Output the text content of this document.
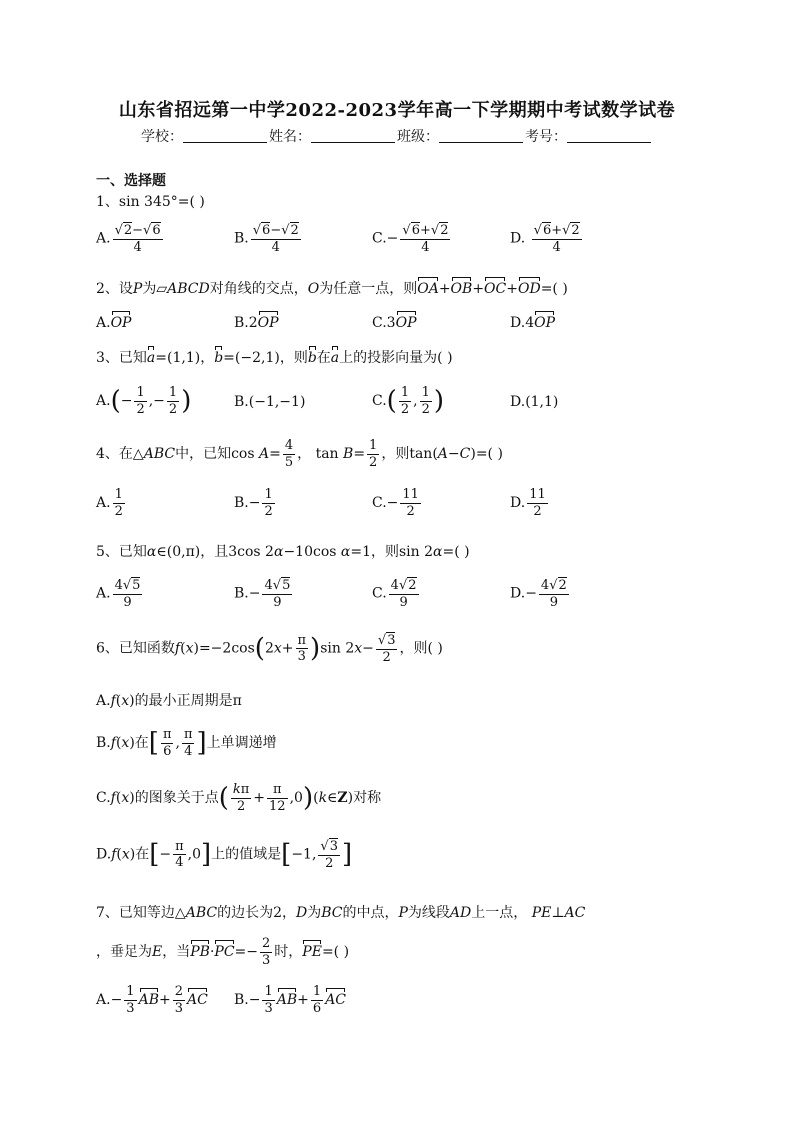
山东省招远第一中学2022-2023学年高一下学期期中考试数学试卷
学校：	姓名：	班级：	考号：
一、选择题
1、sin 345°=( )
A. $\frac{√2-√6}{4}$	B. $\frac{√6-√2}{4}$	$C.- \frac{√6+√2}{4}$	D. $\frac{√6+√2}{4}$
2、设P为▱ABCD对角线的交点，O为任意一点，则OA+OB+OC+OD=( )
A.OP	B.2OP	C.3OP	D.4OP
3、已知a=(1,1)，b=(−2,1)，则b在a上的投影向量为( )
$A.(- \frac{1}{2}$ ,− $\frac{1}{2}$ )	B.(−1,−1)	$C.( \frac{1}{2}$ , $\frac{1}{2}$ )	D.(1,1)
4、在△ABC中，已知$\cos A= \frac{4}{5}$ ， $\tan B= \frac{1}{2}$ ，则tan(A−C)=( )
A. $\frac{1}{2}$	$B.- \frac{1}{2}$	$C.- \frac{11}{2}$	D. $\frac{11}{2}$
5、已知α∈(0,π)，且3cos 2α−10cos α=1，则sin 2α=( )
A. $\frac{4√5}{9}$	$B.- \frac{4√5}{9}$	C. $\frac{4√2}{9}$	$D.- \frac{4√2}{9}$
6、已知函数$f(x)=-2\cos(2x+ \frac{\pi}{3} )\sin$ $2x- \frac{√3}{2}$ ，则( )
A.f(x)的最小正周期是π
B.f(x)在[ $\frac{\pi}{6}$ , $\frac{\pi}{4}$ ]上单调递增
C.f(x)的图象关于点( $\frac{k\pi}{2} + \frac{\pi}{12}$ ,0)(k∈Z)对称
D.f(x)在[− $\frac{\pi}{4} ,0$]上的值域是[−1, $\frac{√3}{2}$ ]
7、已知等边△ABC的边长为2，D为BC的中点，P为线段AD上一点， PE⊥AC
，垂足为E，当$PB\cdot PC=- \frac{2}{3}$ 时，PE=( )
$A.- \frac{1}{3} AB+ \frac{2}{3}$ AC $B.- \frac{1}{3} AB+ \frac{1}{6}$ AC
